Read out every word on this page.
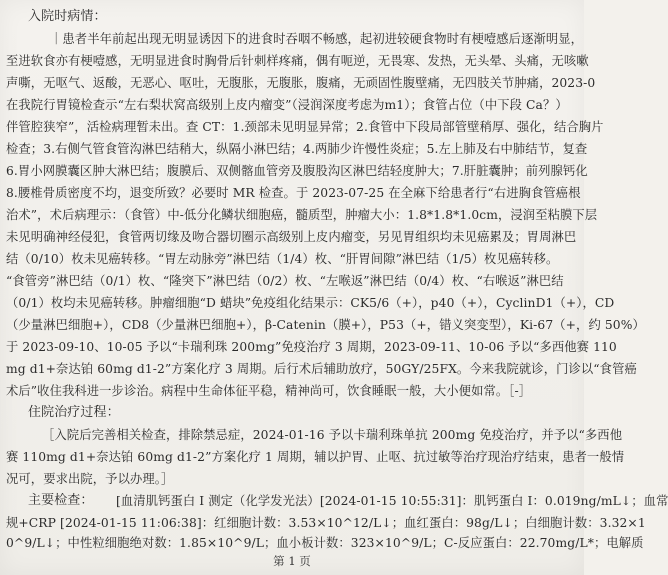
入院时病情：
｜患者半年前起出现无明显诱因下的进食时吞咽不畅感，起初进较硬食物时有梗噎感后逐渐明显，
至进软食亦有梗噎感，无明显进食时胸骨后针刺样疼痛，偶有呃逆，无畏寒、发热，无头晕、头痛，无咳嗽
声嘶，无呕气、返酸，无恶心、呕吐，无腹胀，无腹胀，腹痛，无顽固性腹壁痛，无四肢关节肿痛，2023-0
在我院行胃镜检查示“左右梨状窝高级别上皮内瘤变”（浸润深度考虑为m1）；食管占位（中下段 Ca？）
伴管腔狭窄”，活检病理暂未出。查 CT：1.颈部未见明显异常；2.食管中下段局部管壁稍厚、强化，结合胸片
检查；3.右侧气管食管沟淋巴结稍大，纵隔小淋巴结；4.两肺少许慢性炎症；5.左上肺及右中肺结节，复查
6.胃小网膜囊区肿大淋巴结；腹膜后、双侧髂血管旁及腹股沟区淋巴结轻度肿大；7.肝脏囊肿；前列腺钙化
8.腰椎骨质密度不均，退变所致？必要时 MR 检查。于 2023-07-25 在全麻下给患者行“右进胸食管癌根
治术”，术后病理示：（食管）中-低分化鳞状细胞癌，髓质型，肿瘤大小：1.8*1.8*1.0cm，浸润至粘膜下层
未见明确神经侵犯，食管两切缘及吻合器切圈示高级别上皮内瘤变，另见胃组织均未见癌累及；胃周淋巴
结（0/10）枚未见癌转移。“胃左动脉旁”淋巴结（1/4）枚、“肝胃间隙”淋巴结（1/5）枚见癌转移。
“食管旁”淋巴结（0/1）枚、“隆突下”淋巴结（0/2）枚、“左喉返”淋巴结（0/4）枚、“右喉返”淋巴结
（0/1）枚均未见癌转移。肿瘤细胞“D 蜡块”免疫组化结果示：CK5/6（+），p40（+），CyclinD1（+），CD
（少量淋巴细胞+），CD8（少量淋巴细胞+），β-Catenin（膜+），P53（+，错义突变型），Ki-67（+，约 50%）
于 2023-09-10、10-05 予以“卡瑞利珠 200mg”免疫治疗 3 周期，2023-09-11、10-06 予以“多西他赛 110
mg d1+奈达铂 60mg d1-2”方案化疗 3 周期。后行术后辅助放疗，50GY/25FX。今来我院就诊，门诊以“食管癌
术后”收住我科进一步诊治。病程中生命体征平稳，精神尚可，饮食睡眠一般，大小便如常。［-］
住院治疗过程：
［入院后完善相关检查，排除禁忌症，2024-01-16 予以卡瑞利珠单抗 200mg 免疫治疗，并予以“多西他
赛 110mg d1+奈达铂 60mg d1-2”方案化疗 1 周期，辅以护胃、止呕、抗过敏等治疗现治疗结束，患者一般情
况可，要求出院，予以办理。］
主要检查： [血清肌钙蛋白 I 测定（化学发光法）[2024-01-15 10:55:31]：肌钙蛋白 I：0.019ng/mL↓；血常
规+CRP [2024-01-15 11:06:38]：红细胞计数：3.53×10^12/L↓；血红蛋白：98g/L↓；白细胞计数：3.32×1
0^9/L↓；中性粒细胞绝对数：1.85×10^9/L；血小板计数：323×10^9/L；C-反应蛋白：22.70mg/L*；电解质
第 1 页
